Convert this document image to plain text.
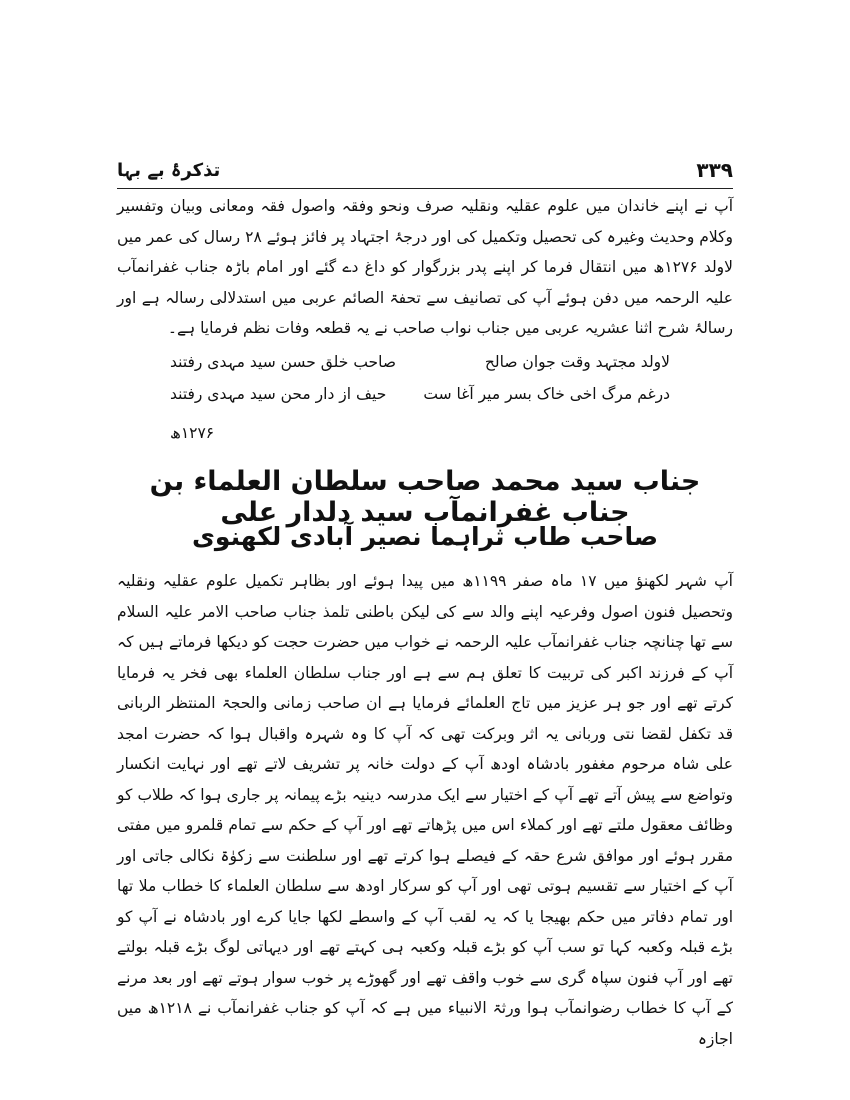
۳۳۹
تذکرۂ بے بہا
آپ نے اپنے خاندان میں علوم عقلیہ ونقلیہ صرف ونحو وفقہ واصول فقہ ومعانی وبیان وتفسیر وکلام وحدیث وغیرہ کی تحصیل وتکمیل کی اور درجۂ اجتہاد پر فائز ہوئے ۲۸ رسال کی عمر میں لاولد ۱۲۷۶ھ میں انتقال فرما کر اپنے پدر بزرگوار کو داغ دے گئے اور امام باڑہ جناب غفرانمآب علیہ الرحمہ میں دفن ہوئے آپ کی تصانیف سے تحفۃ الصائم عربی میں استدلالی رسالہ ہے اور رسالۂ شرح اثنا عشریہ عربی میں جناب نواب صاحب نے یہ قطعہ وفات نظم فرمایا ہے۔
لاولد مجتہد وقت جوان صالح
صاحب خلق حسن سید مہدی رفتند
درغم مرگ اخی خاک بسر میر آغا ست
حیف از دار محن سید مہدی رفتند
۱۲۷۶ھ
جناب سید محمد صاحب سلطان العلماء بن جناب غفرانمآب سید دلدار علی
صاحب طاب ثراہما نصیر آبادی لکھنوی
آپ شہر لکھنؤ میں ۱۷ ماہ صفر ۱۱۹۹ھ میں پیدا ہوئے اور بظاہر تکمیل علوم عقلیہ ونقلیہ وتحصیل فنون اصول وفرعیہ اپنے والد سے کی لیکن باطنی تلمذ جناب صاحب الامر علیہ السلام سے تھا چنانچہ جناب غفرانمآب علیہ الرحمہ نے خواب میں حضرت حجت کو دیکھا فرماتے ہیں کہ آپ کے فرزند اکبر کی تربیت کا تعلق ہم سے ہے اور جناب سلطان العلماء بھی فخر یہ فرمایا کرتے تھے اور جو ہر عزیز میں تاج العلمائے فرمایا ہے ان صاحب زمانی والحجۃ المنتظر الربانی قد تکفل لقضا نتی وربانی یہ اثر وبرکت تھی کہ آپ کا وہ شہرہ واقبال ہوا کہ حضرت امجد علی شاہ مرحوم مغفور بادشاہ اودھ آپ کے دولت خانہ پر تشریف لاتے تھے اور نہایت انکسار وتواضع سے پیش آتے تھے آپ کے اختیار سے ایک مدرسہ دینیہ بڑے پیمانہ پر جاری ہوا کہ طلاب کو وظائف معقول ملتے تھے اور کملاء اس میں پڑھاتے تھے اور آپ کے حکم سے تمام قلمرو میں مفتی مقرر ہوئے اور موافق شرع حقہ کے فیصلے ہوا کرتے تھے اور سلطنت سے زکوٰۃ نکالی جاتی اور آپ کے اختیار سے تقسیم ہوتی تھی اور آپ کو سرکار اودھ سے سلطان العلماء کا خطاب ملا تھا اور تمام دفاتر میں حکم بھیجا یا کہ یہ لقب آپ کے واسطے لکھا جایا کرے اور بادشاہ نے آپ کو بڑے قبلہ وکعبہ کہا تو سب آپ کو بڑے قبلہ وکعبہ ہی کہتے تھے اور دیہاتی لوگ بڑے قبلہ بولتے تھے اور آپ فنون سپاہ گری سے خوب واقف تھے اور گھوڑے پر خوب سوار ہوتے تھے اور بعد مرنے کے آپ کا خطاب رضوانمآب ہوا ورثۃ الانبیاء میں ہے کہ آپ کو جناب غفرانمآب نے ۱۲۱۸ھ میں اجازہ
